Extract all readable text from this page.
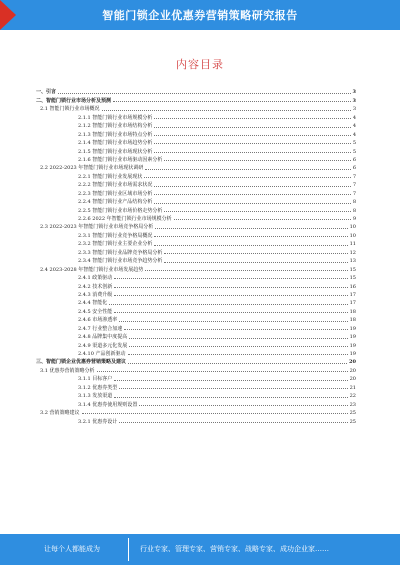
智能门锁企业优惠券营销策略研究报告
内容目录
一、引言	3
二、智能门锁行业市场分析及预测	3
2.1 智能门锁行业市场概况	3
2.1.1 智能门锁行业市场规模分析	4
2.1.2 智能门锁行业市场结构分析	4
2.1.3 智能门锁行业市场特点分析	4
2.1.4 智能门锁行业市场趋势分析	5
2.1.5 智能门锁行业市场现状分析	5
2.1.6 智能门锁行业市场驱动因素分析	6
2.2 2022-2023 年智能门锁行业市场现状调研	6
2.2.1 智能门锁行业发展现状	7
2.2.2 智能门锁行业市场需求状况	7
2.2.3 智能门锁行业区域市场分析	7
2.2.4 智能门锁行业产品结构分析	8
2.2.5 智能门锁行业市场价格走势分析	8
2.2.6 2022 年智能门锁行业市场规模分析	9
2.3 2022-2023 年智能门锁行业市场竞争格局分析	10
2.3.1 智能门锁行业竞争格局概况	10
2.3.2 智能门锁行业主要企业分析	11
2.3.3 智能门锁行业品牌竞争格局分析	12
2.3.4 智能门锁行业市场竞争趋势分析	13
2.4 2023-2028 年智能门锁行业市场发展趋势	15
2.4.1 政策驱动	15
2.4.2 技术创新	16
2.4.3 消费升级	17
2.4.4 智能化	17
2.4.5 安全性能	18
2.4.6 市场渗透率	18
2.4.7 行业整合加速	19
2.4.8 品牌集中度提高	19
2.4.9 渠道多元化发展	19
2.4.10 产品创新驱动	19
三、智能门锁企业优惠券营销策略及建议	20
3.1 优惠券营销策略分析	20
3.1.1 目标客户	20
3.1.2 优惠券类型	21
3.1.3 发放渠道	22
3.1.4 优惠券使用规则设置	23
3.2 营销策略建议	25
3.2.1 优惠券设计	25
让每个人都能成为	行业专家、管理专家、营销专家、战略专家、成功企业家……
